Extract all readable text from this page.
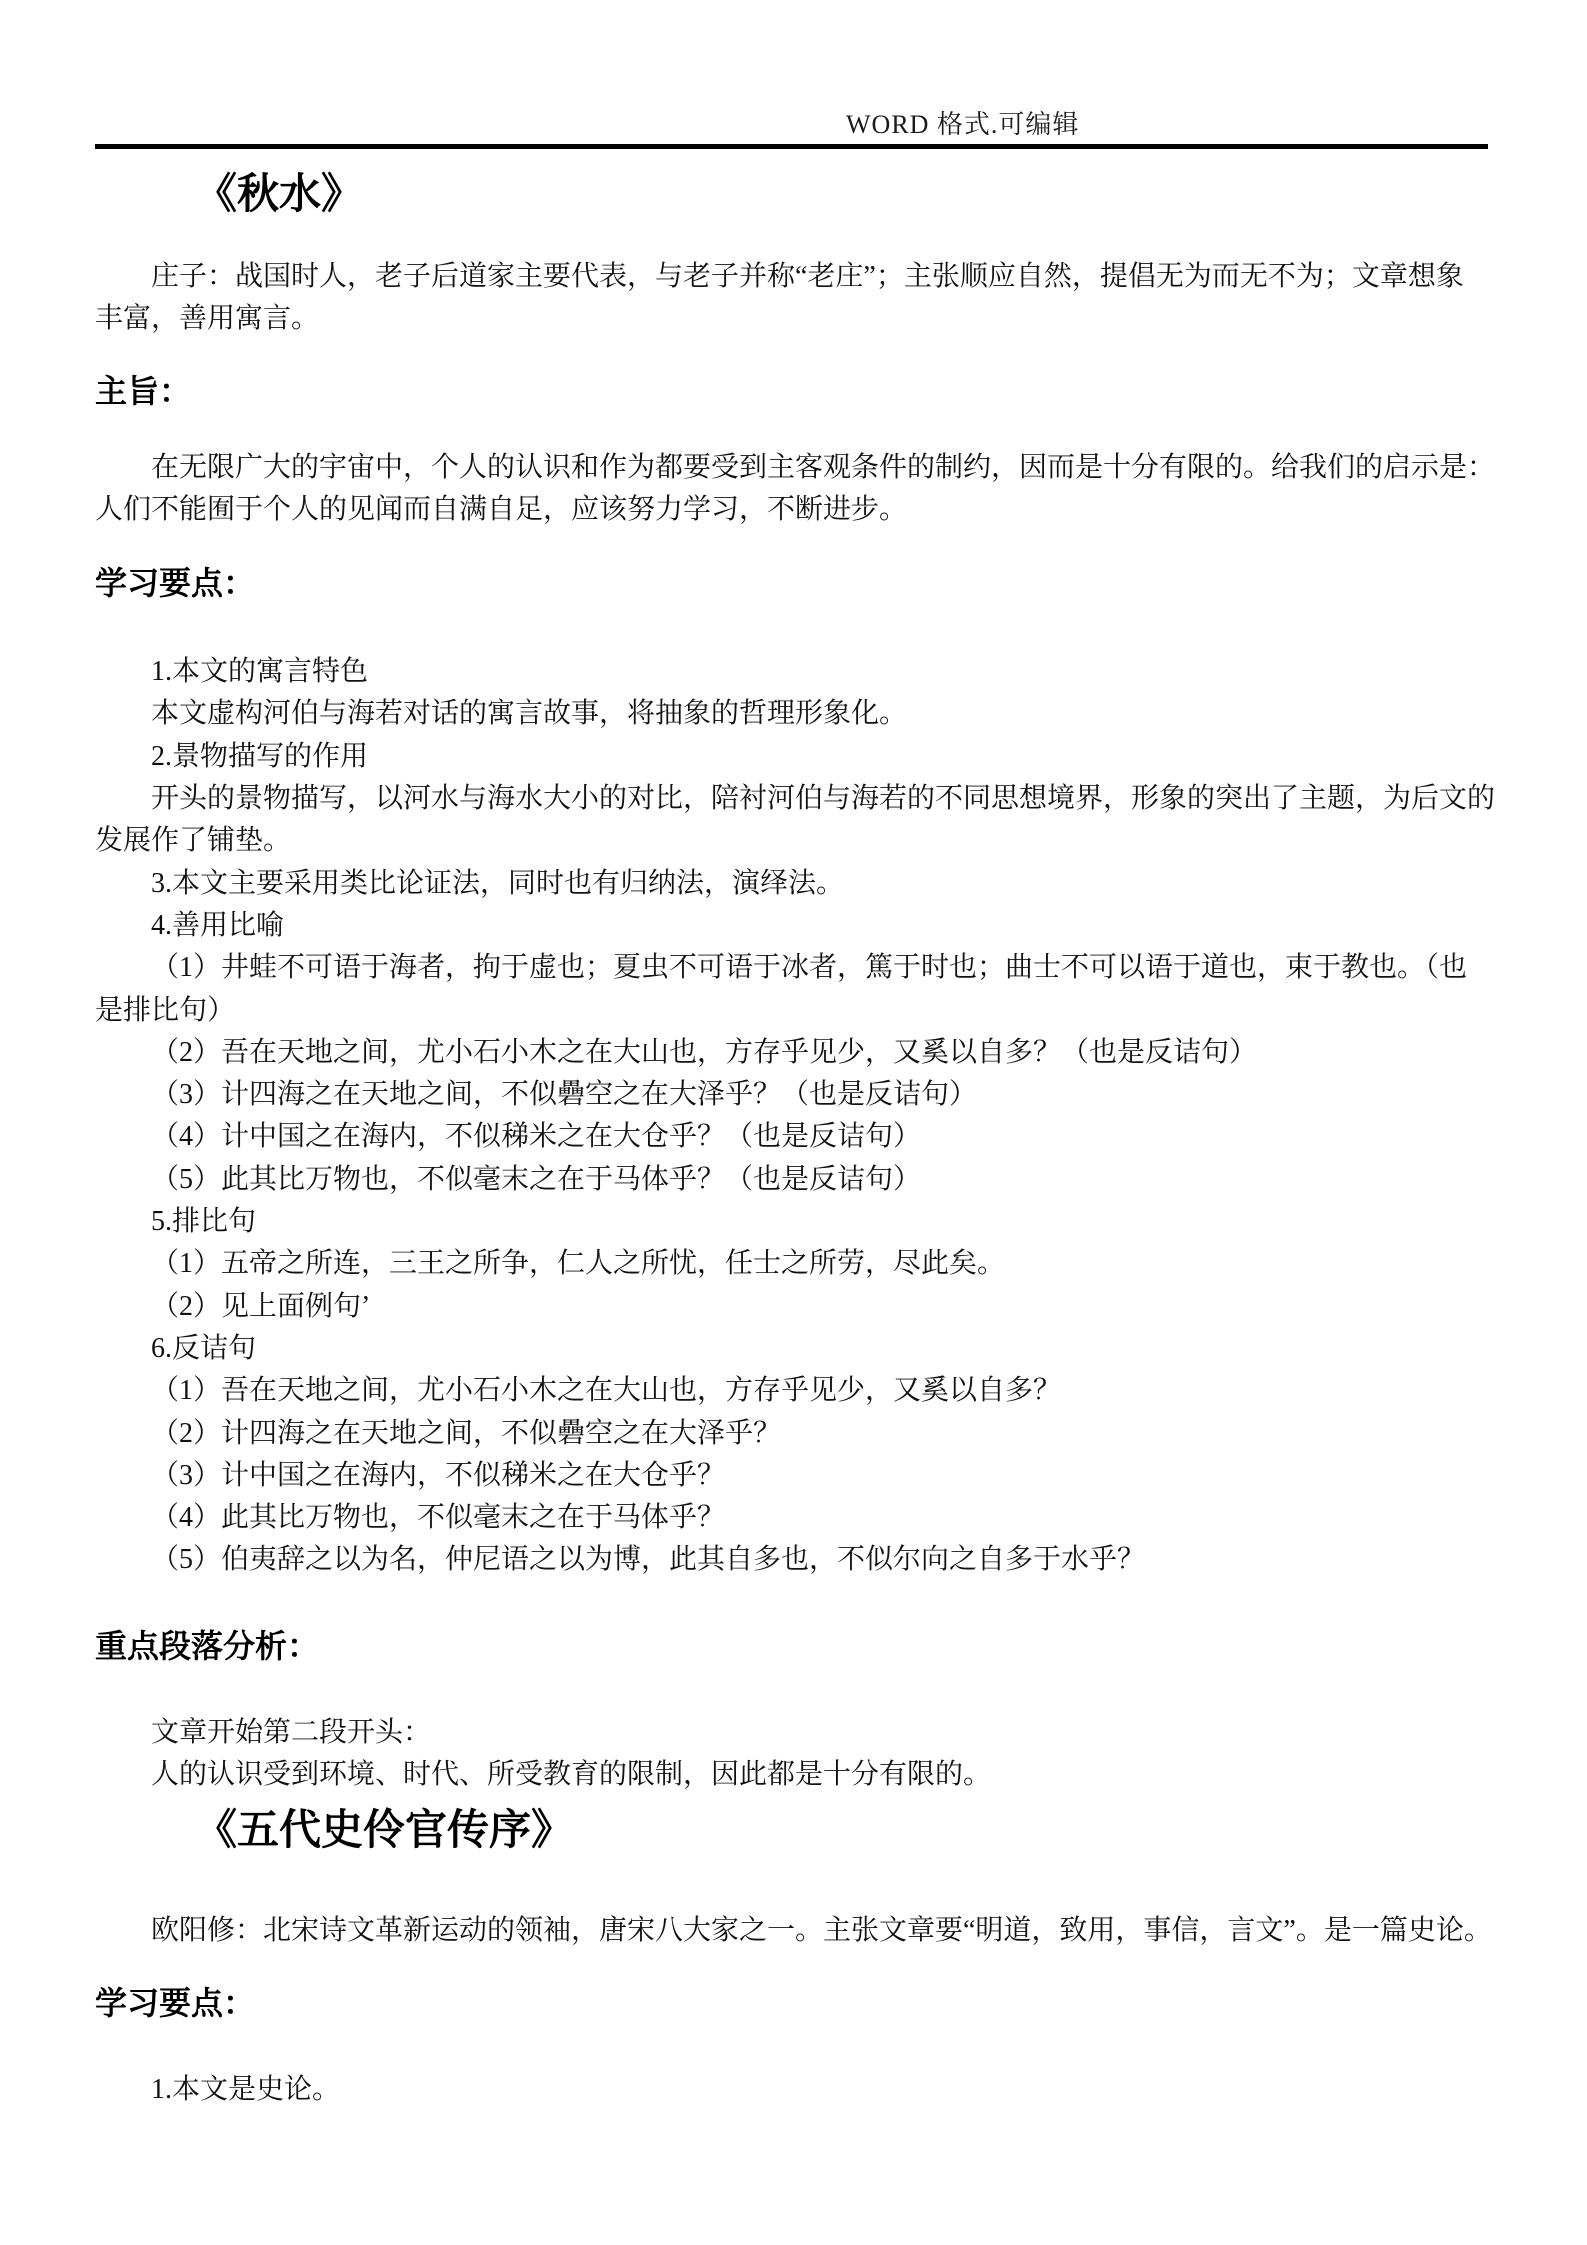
WORD 格式.可编辑
《秋水》

庄子：战国时人，老子后道家主要代表，与老子并称“老庄”；主张顺应自然，提倡无为而无不为；文章想象

丰富，善用寓言。

主旨：

在无限广大的宇宙中，个人的认识和作为都要受到主客观条件的制约，因而是十分有限的。给我们的启示是：

人们不能囿于个人的见闻而自满自足，应该努力学习，不断进步。

学习要点：

1.本文的寓言特色

本文虚构河伯与海若对话的寓言故事，将抽象的哲理形象化。

2.景物描写的作用

开头的景物描写，以河水与海水大小的对比，陪衬河伯与海若的不同思想境界，形象的突出了主题，为后文的

发展作了铺垫。

3.本文主要采用类比论证法，同时也有归纳法，演绎法。

4.善用比喻

（1）井蛙不可语于海者，拘于虚也；夏虫不可语于冰者，篤于时也；曲士不可以语于道也，束于教也。（也

是排比句）

（2）吾在天地之间，尤小石小木之在大山也，方存乎见少，又奚以自多？（也是反诘句）

（3）计四海之在天地之间，不似礨空之在大泽乎？（也是反诘句）

（4）计中国之在海内，不似稊米之在大仓乎？（也是反诘句）

（5）此其比万物也，不似毫末之在于马体乎？（也是反诘句）

5.排比句

（1）五帝之所连，三王之所争，仁人之所忧，任士之所劳，尽此矣。

（2）见上面例句’

6.反诘句

（1）吾在天地之间，尤小石小木之在大山也，方存乎见少，又奚以自多？

（2）计四海之在天地之间，不似礨空之在大泽乎？

（3）计中国之在海内，不似稊米之在大仓乎？

（4）此其比万物也，不似毫末之在于马体乎？

（5）伯夷辞之以为名，仲尼语之以为博，此其自多也，不似尔向之自多于水乎？

重点段落分析：

文章开始第二段开头：

人的认识受到环境、时代、所受教育的限制，因此都是十分有限的。

《五代史伶官传序》

欧阳修：北宋诗文革新运动的领袖，唐宋八大家之一。主张文章要“明道，致用，事信，言文”。是一篇史论。

学习要点：

1.本文是史论。
